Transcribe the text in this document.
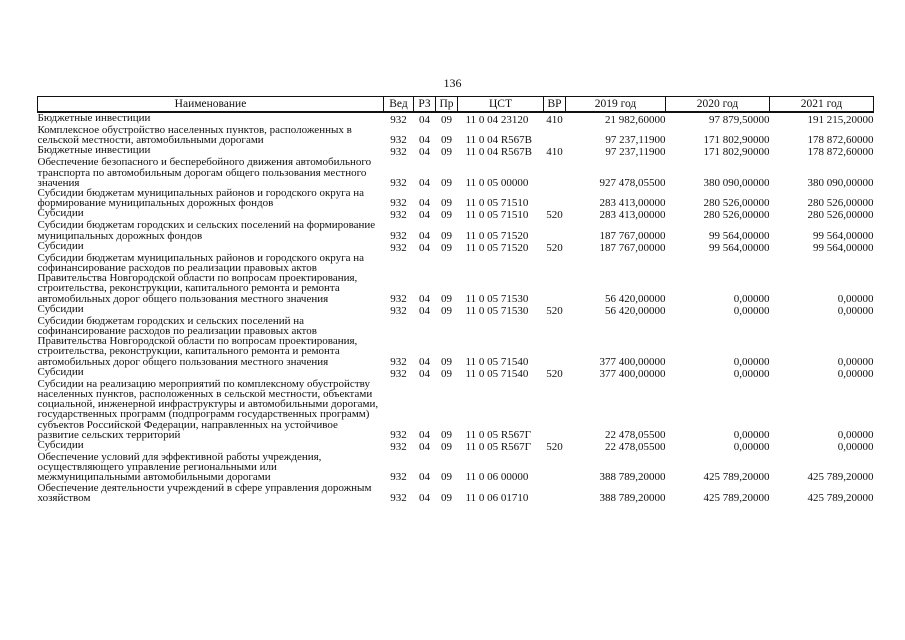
136
Наименование	Вед	РЗ	Пр	ЦСТ	ВР	2019 год	2020 год	2021 год
Бюджетные инвестиции	932	04	09	11 0 04 23120	410	21 982,60000	97 879,50000	191 215,20000
Комплексное обустройство населенных пунктов, расположенных в сельской местности, автомобильными дорогами	932	04	09	11 0 04 R567B		97 237,11900	171 802,90000	178 872,60000
Бюджетные инвестиции	932	04	09	11 0 04 R567B	410	97 237,11900	171 802,90000	178 872,60000
Обеспечение безопасного и бесперебойного движения автомобильного транспорта по автомобильным дорогам общего пользования местного значения	932	04	09	11 0 05 00000		927 478,05500	380 090,00000	380 090,00000
Субсидии бюджетам муниципальных районов и городского округа на формирование муниципальных дорожных фондов	932	04	09	11 0 05 71510		283 413,00000	280 526,00000	280 526,00000
Субсидии	932	04	09	11 0 05 71510	520	283 413,00000	280 526,00000	280 526,00000
Субсидии бюджетам городских и сельских поселений на формирование муниципальных дорожных фондов	932	04	09	11 0 05 71520		187 767,00000	99 564,00000	99 564,00000
Субсидии	932	04	09	11 0 05 71520	520	187 767,00000	99 564,00000	99 564,00000
Субсидии бюджетам муниципальных районов и городского округа на софинансирование расходов по реализации правовых актов Правительства Новгородской области по вопросам проектирования, строительства, реконструкции, капитального ремонта и ремонта автомобильных дорог общего пользования местного значения	932	04	09	11 0 05 71530		56 420,00000	0,00000	0,00000
Субсидии	932	04	09	11 0 05 71530	520	56 420,00000	0,00000	0,00000
Субсидии бюджетам городских и сельских поселений на софинансирование расходов по реализации правовых актов Правительства Новгородской области по вопросам проектирования, строительства, реконструкции, капитального ремонта и ремонта автомобильных дорог общего пользования местного значения	932	04	09	11 0 05 71540		377 400,00000	0,00000	0,00000
Субсидии	932	04	09	11 0 05 71540	520	377 400,00000	0,00000	0,00000
Субсидии на реализацию мероприятий по комплексному обустройству населенных пунктов, расположенных в сельской местности, объектами социальной, инженерной инфраструктуры и автомобильными дорогами, государственных программ (подпрограмм государственных программ) субъектов Российской Федерации, направленных на устойчивое развитие сельских территорий	932	04	09	11 0 05 R567Г		22 478,05500	0,00000	0,00000
Субсидии	932	04	09	11 0 05 R567Г	520	22 478,05500	0,00000	0,00000
Обеспечение условий для эффективной работы учреждения, осуществляющего управление региональными или межмуниципальными автомобильными дорогами	932	04	09	11 0 06 00000		388 789,20000	425 789,20000	425 789,20000
Обеспечение деятельности учреждений в сфере управления дорожным хозяйством	932	04	09	11 0 06 01710		388 789,20000	425 789,20000	425 789,20000
